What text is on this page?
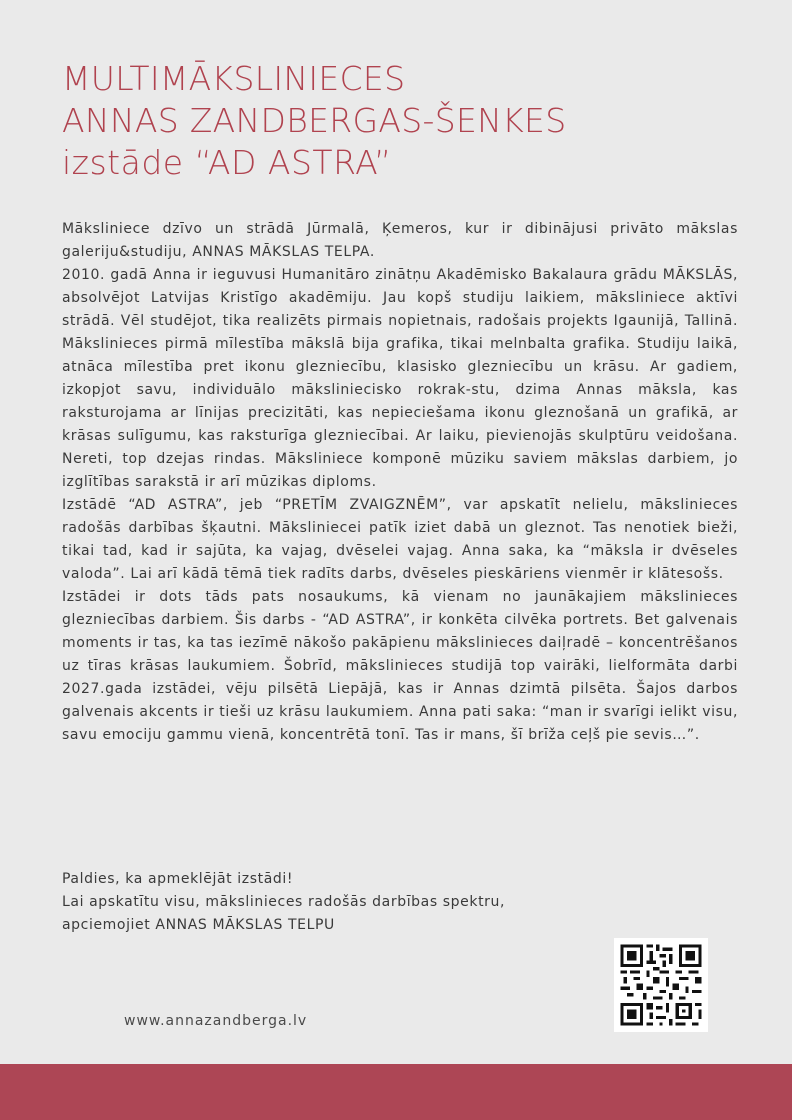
MULTIMĀKSLINIECES
ANNAS ZANDBERGAS-ŠENKES
izstāde “AD ASTRA”

Māksliniece dzīvo un strādā Jūrmalā, Ķemeros, kur ir dibinājusi privāto mākslas galeriju&studiju, ANNAS MĀKSLAS TELPA.

2010. gadā Anna ir ieguvusi Humanitāro zinātņu Akadēmisko Bakalaura grādu MĀKSLĀS, absolvējot Latvijas Kristīgo akadēmiju. Jau kopš studiju laikiem, māksliniece aktīvi strādā. Vēl studējot, tika realizēts pirmais nopietnais, radošais projekts Igaunijā, Tallinā. Mākslinieces pirmā mīlestība mākslā bija grafika, tikai melnbalta grafika. Studiju laikā, atnāca mīlestība pret ikonu glezniecību, klasisko glezniecību un krāsu. Ar gadiem, izkopjot savu, individuālo mākslinieciskо rokrak-stu, dzima Annas māksla, kas raksturojama ar līnijas precizitāti, kas nepieciešama ikonu gleznošanā un grafikā, ar krāsas sulīgumu, kas raksturīga glezniecībai. Ar laiku, pievienojās skulptūru veidošana. Nereti, top dzejas rindas. Māksliniece komponē mūziku saviem mākslas darbiem, jo izglītības sarakstā ir arī mūzikas diploms.

Izstādē “AD ASTRA”, jeb “PRETĪM ZVAIGZNĒM”, var apskatīt nelielu, mākslinieces radošās darbības šķautni. Māksliniecei patīk iziet dabā un gleznot. Tas nenotiek bieži, tikai tad, kad ir sajūta, ka vajag, dvēselei vajag. Anna saka, ka “māksla ir dvēseles valoda”. Lai arī kādā tēmā tiek radīts darbs, dvēseles pieskāriens vienmēr ir klātesošs.

Izstādei ir dots tāds pats nosaukums, kā vienam no jaunākajiem mākslinieces glezniecības darbiem. Šis darbs - “AD ASTRA”, ir konkēta cilvēka portrets. Bet galvenais moments ir tas, ka tas iezīmē nākošo pakāpienu mākslinieces daiļradē – koncentrēšanos uz tīras krāsas laukumiem. Šobrīd, mākslinieces studijā top vairāki, lielformāta darbi 2027.gada izstādei, vēju pilsētā Liepājā, kas ir Annas dzimtā pilsēta. Šajos darbos galvenais akcents ir tieši uz krāsu laukumiem. Anna pati saka: “man ir svarīgi ielikt visu, savu emociju gammu vienā, koncentrētā tonī. Tas ir mans, šī brīža ceļš pie sevis…”.

Paldies, ka apmeklējāt izstādi!

Lai apskatītu visu, mākslinieces radošās darbības spektru,

apciemojiet ANNAS MĀKSLAS TELPU

www.annazandberga.lv
